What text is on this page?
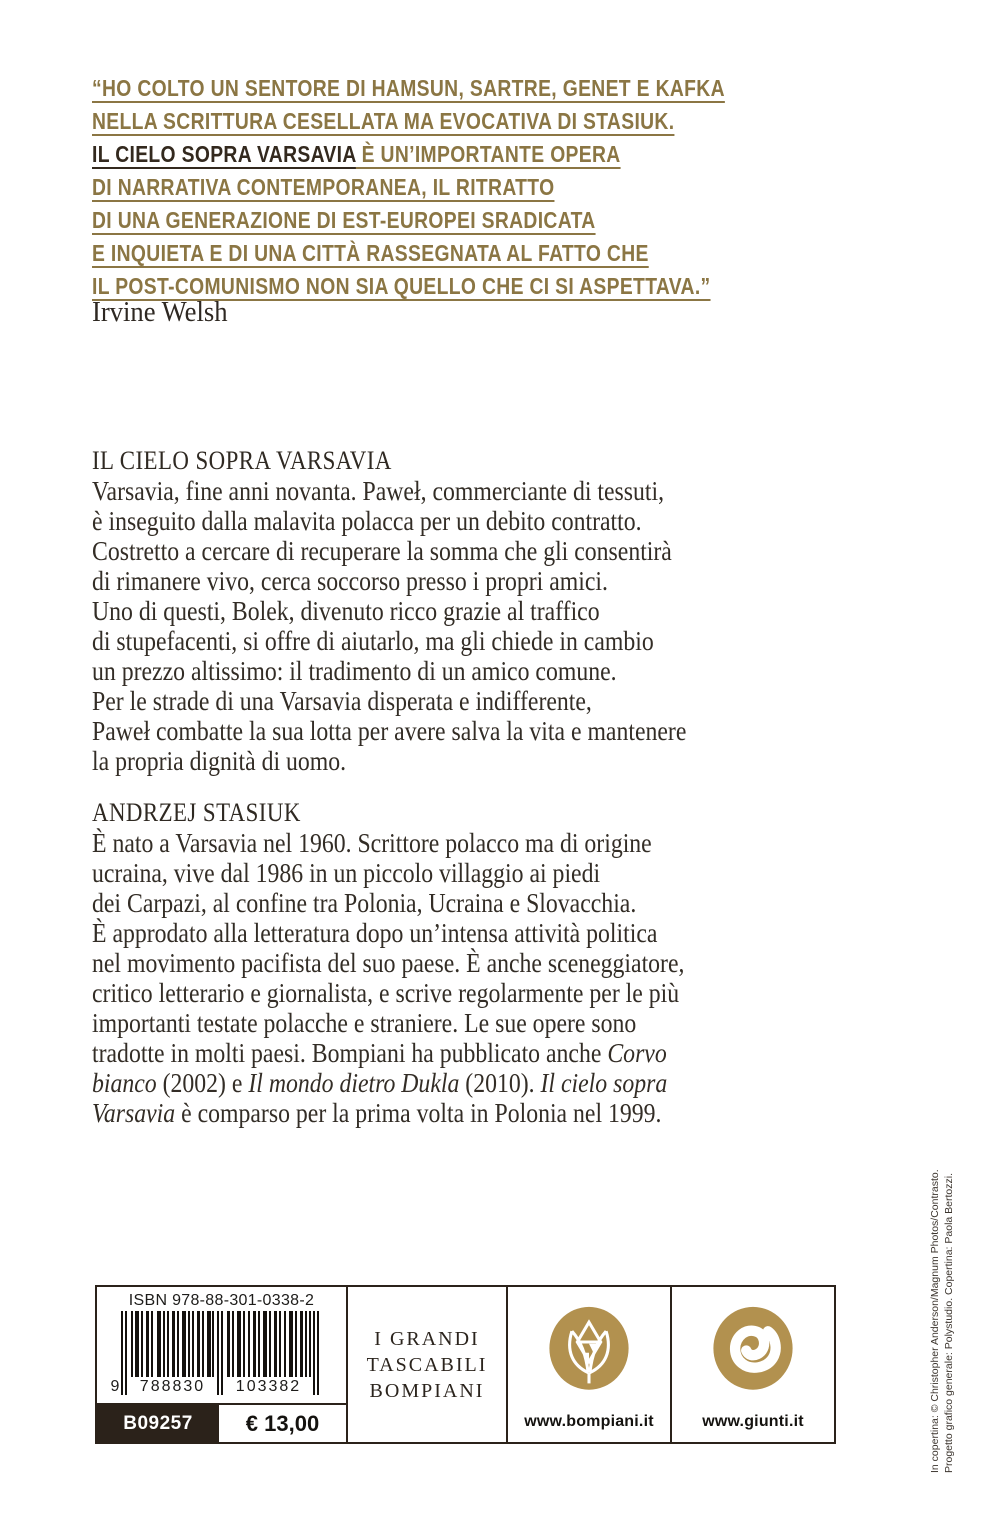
“HO COLTO UN SENTORE DI HAMSUN, SARTRE, GENET E KAFKA
NELLA SCRITTURA CESELLATA MA EVOCATIVA DI STASIUK.
IL CIELO SOPRA VARSAVIA È UN’IMPORTANTE OPERA
DI NARRATIVA CONTEMPORANEA, IL RITRATTO
DI UNA GENERAZIONE DI EST-EUROPEI SRADICATA
E INQUIETA E DI UNA CITTÀ RASSEGNATA AL FATTO CHE
IL POST-COMUNISMO NON SIA QUELLO CHE CI SI ASPETTAVA.”
Irvine Welsh
IL CIELO SOPRA VARSAVIA
Varsavia, fine anni novanta. Paweł, commerciante di tessuti,
è inseguito dalla malavita polacca per un debito contratto.
Costretto a cercare di recuperare la somma che gli consentirà
di rimanere vivo, cerca soccorso presso i propri amici.
Uno di questi, Bolek, divenuto ricco grazie al traffico
di stupefacenti, si offre di aiutarlo, ma gli chiede in cambio
un prezzo altissimo: il tradimento di un amico comune.
Per le strade di una Varsavia disperata e indifferente,
Paweł combatte la sua lotta per avere salva la vita e mantenere
la propria dignità di uomo.
ANDRZEJ STASIUK
È nato a Varsavia nel 1960. Scrittore polacco ma di origine
ucraina, vive dal 1986 in un piccolo villaggio ai piedi
dei Carpazi, al confine tra Polonia, Ucraina e Slovacchia.
È approdato alla letteratura dopo un’intensa attività politica
nel movimento pacifista del suo paese. È anche sceneggiatore,
critico letterario e giornalista, e scrive regolarmente per le più
importanti testate polacche e straniere. Le sue opere sono
tradotte in molti paesi. Bompiani ha pubblicato anche Corvo
bianco (2002) e Il mondo dietro Dukla (2010). Il cielo sopra
Varsavia è comparso per la prima volta in Polonia nel 1999.
In copertina: © Christopher Anderson/Magnum Photos/Contrasto. Progetto grafico generale: Polystudio. Copertina: Paola Bertozzi.
ISBN 978-88-301-0338-2
9	788830	103382
B09257	€ 13,00
I GRANDI
TASCABILI
BOMPIANI
www.bompiani.it	www.giunti.it
